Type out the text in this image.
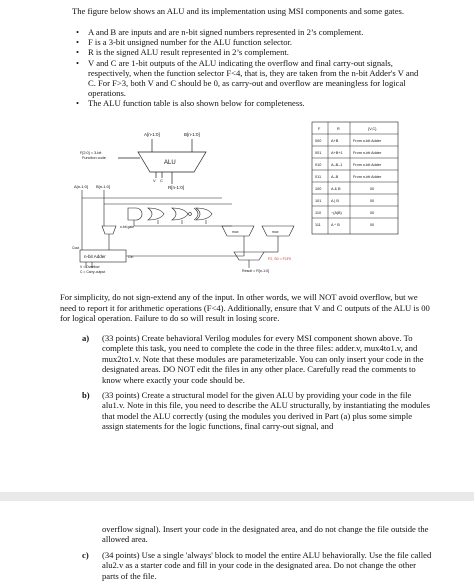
The figure below shows an ALU and its implementation using MSI components and some gates.
• A and B are inputs and are n-bit signed numbers represented in 2’s complement.
• F is a 3-bit unsigned number for the ALU function selector.
• R is the signed ALU result represented in 2’s complement.
• V and C are 1-bit outputs of the ALU indicating the overflow and final carry-out signals, respectively, when the function selector F<4, that is, they are taken from the n-bit Adder's V and C. For F>3, both V and C should be 0, as carry-out and overflow are meaningless for logical operations.
• The ALU function table is also shown below for completeness.
A[n-1:0]	B[n-1:0]
ALU
F[2:0] = 3-bit
Function code
R[n-1:0]
V C
A[n-1:0] B[n-1:0]
n-bit gate
mux	mux
n-bit Adder	Cin
Cout
Result = R[n-1:0]
F2, S0 = F1F0
V = Overflow
C = Carry-output
F	R	{V,C}
000	A+B	From n-bit Adder
001	A+B+1	From n-bit Adder
010	A–B–1	From n-bit Adder
011	A–B	From n-bit Adder
100	A & B	00
101	A | B	00
110	~(A|B)	00
111	A ^ B	00
For simplicity, do not sign-extend any of the input. In other words, we will NOT avoid overflow, but we need to report it for arithmetic operations (F<4). Additionally, ensure that V and C outputs of the ALU is 00 for logical operation. Failure to do so will result in losing score.
a) (33 points) Create behavioral Verilog modules for every MSI component shown above. To complete this task, you need to complete the code in the three files: adder.v, mux4to1.v, and mux2to1.v. Note that these modules are parameterizable. You can only insert your code in the designated areas. DO NOT edit the files in any other place. Carefully read the comments to know where exactly your code should be.
b) (33 points) Create a structural model for the given ALU by providing your code in the file alu1.v. Note in this file, you need to describe the ALU structurally, by instantiating the modules that model the ALU correctly (using the modules you derived in Part (a) plus some simple assign statements for the logic functions, final carry-out signal, and
overflow signal). Insert your code in the designated area, and do not change the file outside the allowed area.
c) (34 points) Use a single 'always' block to model the entire ALU behaviorally. Use the file called alu2.v as a starter code and fill in your code in the designated area. Do not change the other parts of the file.
